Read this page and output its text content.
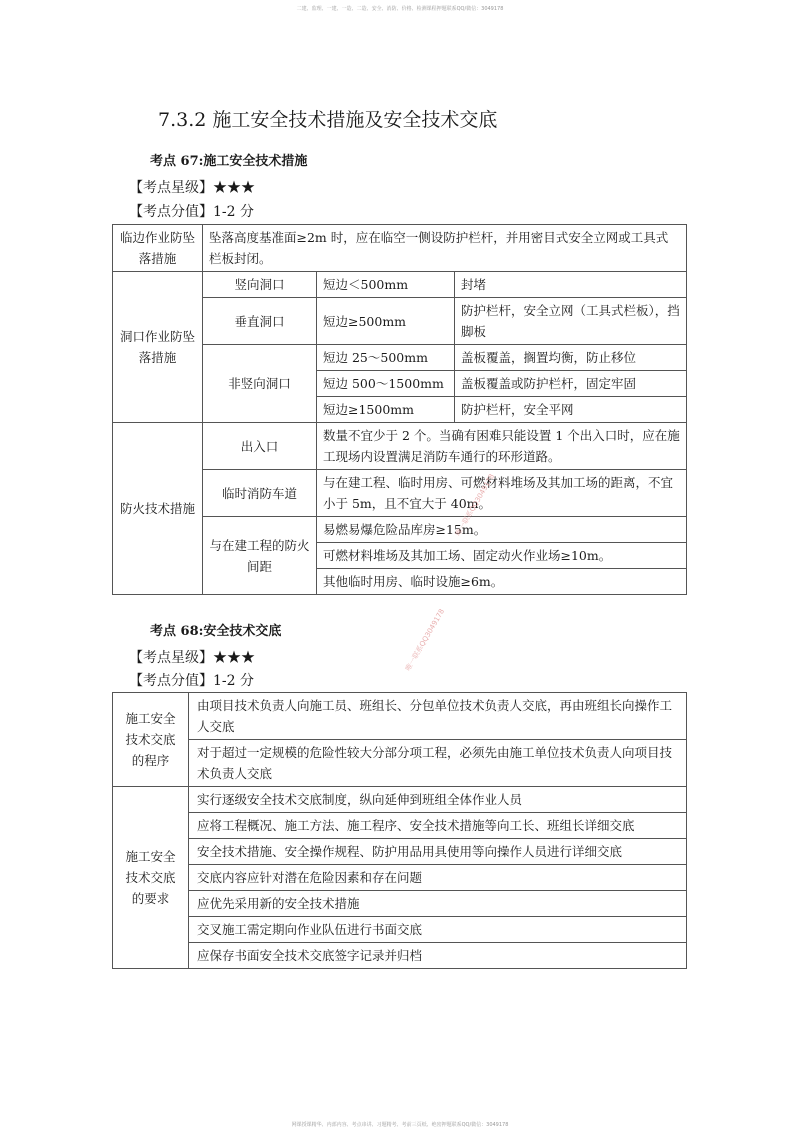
二建、监理、一建、一造、二造、安全、消防、价格、检测课程押题联系QQ/微信：3049178
7.3.2 施工安全技术措施及安全技术交底
考点 67:施工安全技术措施
【考点星级】★★★
【考点分值】1-2 分
临边作业防坠落措施	坠落高度基准面≥2m 时，应在临空一侧设防护栏杆，并用密目式安全立网或工具式栏板封闭。		
洞口作业防坠落措施	竖向洞口	短边＜500mm	封堵
	垂直洞口	短边≥500mm	防护栏杆，安全立网（工具式栏板），挡脚板
	非竖向洞口	短边 25～500mm	盖板覆盖，搁置均衡，防止移位
		短边 500～1500mm	盖板覆盖或防护栏杆，固定牢固
		短边≥1500mm	防护栏杆，安全平网
防火技术措施	出入口	数量不宜少于 2 个。当确有困难只能设置 1 个出入口时，应在施工现场内设置满足消防车通行的环形道路。	
	临时消防车道	与在建工程、临时用房、可燃材料堆场及其加工场的距离，不宜小于 5m，且不宜大于 40m。	
	与在建工程的防火间距	易燃易爆危险品库房≥15m。	
		可燃材料堆场及其加工场、固定动火作业场≥10m。	
		其他临时用房、临时设施≥6m。	
考点 68:安全技术交底
【考点星级】★★★
【考点分值】1-2 分
施工安全技术交底的程序	由项目技术负责人向施工员、班组长、分包单位技术负责人交底，再由班组长向操作工人交底
	对于超过一定规模的危险性较大分部分项工程，必须先由施工单位技术负责人向项目技术负责人交底
施工安全技术交底的要求	实行逐级安全技术交底制度，纵向延伸到班组全体作业人员
	应将工程概况、施工方法、施工程序、安全技术措施等向工长、班组长详细交底
	安全技术措施、安全操作规程、防护用品用具使用等向操作人员进行详细交底
	交底内容应针对潜在危险因素和存在问题
	应优先采用新的安全技术措施
	交叉施工需定期向作业队伍进行书面交底
	应保存书面安全技术交底签字记录并归档
唯一联系QQ3049178
唯一联系QQ3049178
网课授课精华、内部内容、考点串讲、习题精考、考前三页纸、绝密押题联系QQ/微信：3049178
